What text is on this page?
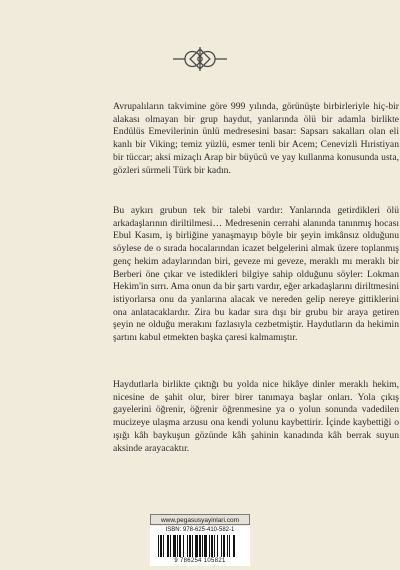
Avrupalıların takvimine göre 999 yılında, görünüşte birbirleriyle hiç-bir alakası olmayan bir grup haydut, yanlarında ölü bir adamla birlikte Endülüs Emevilerinin ünlü medresesini basar: Sapsarı sakalları olan eli kanlı bir Viking; temiz yüzlü, esmer tenli bir Acem; Cenevizli Hıristiyan bir tüccar; aksi mizaçlı Arap bir büyücü ve yay kullanma konusunda usta, gözleri sürmeli Türk bir kadın.

Bu aykırı grubun tek bir talebi vardır: Yanlarında getirdikleri ölü arkadaşlarının diriltilmesi… Medresenin cerrahi alanında tanınmış hocası Ebul Kasım, iş birliğine yanaşmayıp böyle bir şeyin imkânsız olduğunu söylese de o sırada hocalarından icazet belgelerini almak üzere toplanmış genç hekim adaylarından biri, geveze mi geveze, meraklı mı meraklı bir Berberi öne çıkar ve istedikleri bilgiye sahip olduğunu söyler: Lokman Hekim'in sırrı. Ama onun da bir şartı vardır, eğer arkadaşlarını diriltmesini istiyorlarsa onu da yanlarına alacak ve nereden gelip nereye gittiklerini ona anlatacaklardır. Zira bu kadar sıra dışı bir grubu bir araya getiren şeyin ne olduğu merakını fazlasıyla cezbetmiştir. Haydutların da hekimin şartını kabul etmekten başka çaresi kalmamıştır.

Haydutlarla birlikte çıktığı bu yolda nice hikâye dinler meraklı hekim, nicesine de şahit olur, birer birer tanımaya başlar onları. Yola çıkış gayelerini öğrenir, öğrenir öğrenmesine ya o yolun sonunda vadedilen mucizeye ulaşma arzusu ona kendi yolunu kaybettirir. İçinde kaybettiği o ışığı kâh baykuşun gözünde kâh şahinin kanadında kâh berrak suyun aksinde arayacaktır.

www.pegasusyayinlari.com
ISBN: 978-625-410-582-1
9 786254 105821
